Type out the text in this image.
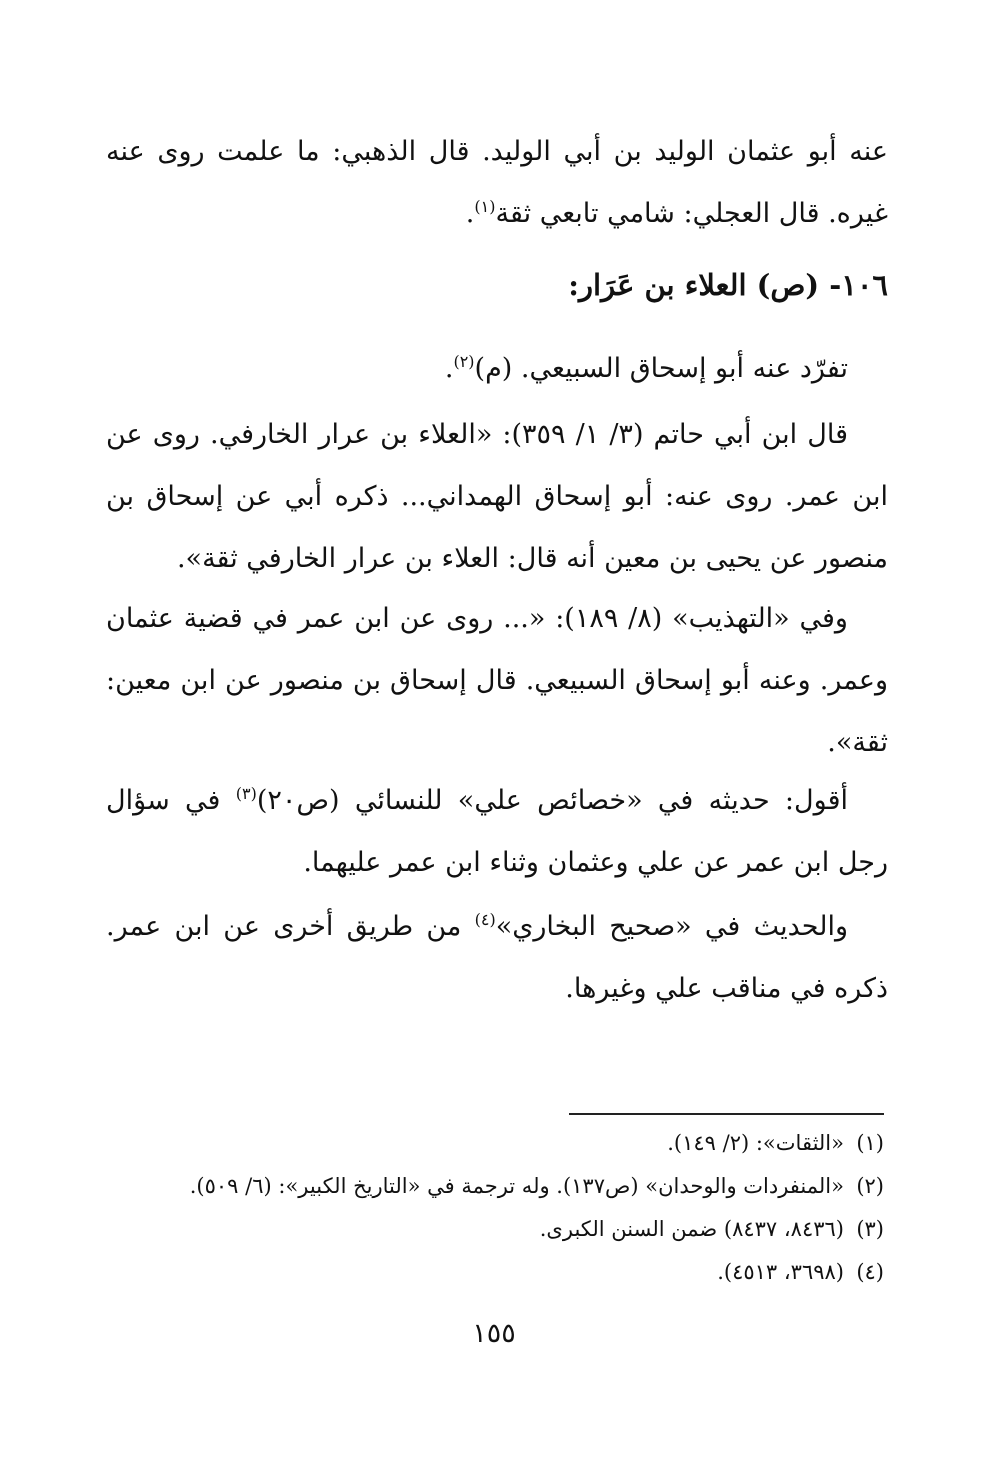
عنه أبو عثمان الوليد بن أبي الوليد. قال الذهبي: ما علمت روى عنه غيره. قال العجلي: شامي تابعي ثقة$^{(١)}$.

١٠٦- (ص) العلاء بن عَرَار:

تفرّد عنه أبو إسحاق السبيعي. (م)$^{(٢)}$.

قال ابن أبي حاتم (٣/ ١/ ٣٥٩): «العلاء بن عرار الخارفي. روى عن ابن عمر. روى عنه: أبو إسحاق الهمداني... ذكره أبي عن إسحاق بن منصور عن يحيى بن معين أنه قال: العلاء بن عرار الخارفي ثقة».

وفي «التهذيب» (٨/ ١٨٩): «... روى عن ابن عمر في قضية عثمان وعمر. وعنه أبو إسحاق السبيعي. قال إسحاق بن منصور عن ابن معين: ثقة».

أقول: حديثه في «خصائص علي» للنسائي (ص٢٠)$^{(٣)}$ في سؤال رجل ابن عمر عن علي وعثمان وثناء ابن عمر عليهما.

والحديث في «صحيح البخاري»$^{(٤)}$ من طريق أخرى عن ابن عمر. ذكره في مناقب علي وغيرها.

(١)«الثقات»: (٢/ ١٤٩).

(٢)«المنفردات والوحدان» (ص١٣٧). وله ترجمة في «التاريخ الكبير»: (٦/ ٥٠٩).

(٣)(٨٤٣٦، ٨٤٣٧) ضمن السنن الكبرى.

(٤)(٣٦٩٨، ٤٥١٣).

١٥٥
